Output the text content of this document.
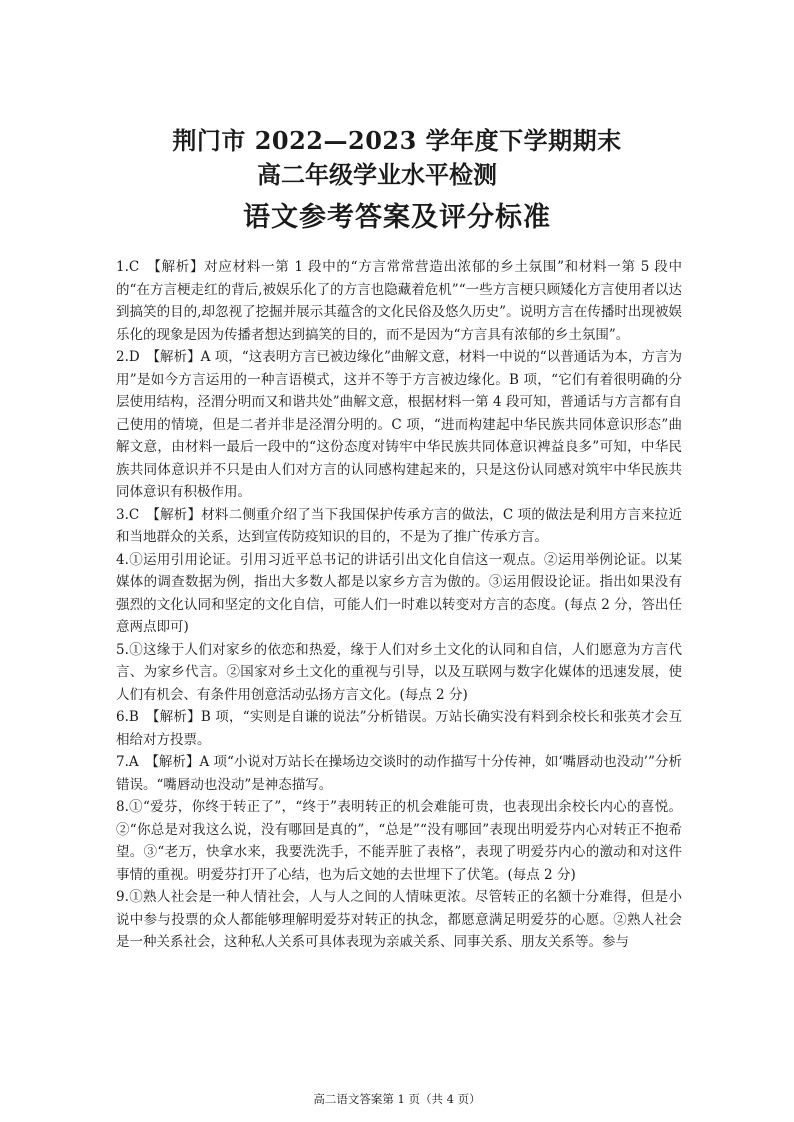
荆门市 2022—2023 学年度下学期期末
高二年级学业水平检测
语文参考答案及评分标准

1.C　【解析】对应材料一第 1 段中的“方言常常营造出浓郁的乡土氛围”和材料一第 5 段中的“在方言梗走红的背后,被娱乐化了的方言也隐藏着危机”“一些方言梗只顾矮化方言使用者以达到搞笑的目的,却忽视了挖掘并展示其蕴含的文化民俗及悠久历史”。说明方言在传播时出现被娱乐化的现象是因为传播者想达到搞笑的目的，而不是因为“方言具有浓郁的乡土氛围”。

2.D　【解析】A 项，“这表明方言已被边缘化”曲解文意，材料一中说的“以普通话为本，方言为用”是如今方言运用的一种言语模式，这并不等于方言被边缘化。B 项，“它们有着很明确的分层使用结构，泾渭分明而又和谐共处”曲解文意，根据材料一第 4 段可知，普通话与方言都有自己使用的情境，但是二者并非是泾渭分明的。C 项，“进而构建起中华民族共同体意识形态”曲解文意，由材料一最后一段中的“这份态度对铸牢中华民族共同体意识裨益良多”可知，中华民族共同体意识并不只是由人们对方言的认同感构建起来的，只是这份认同感对筑牢中华民族共同体意识有积极作用。

3.C　【解析】材料二侧重介绍了当下我国保护传承方言的做法，C 项的做法是利用方言来拉近和当地群众的关系，达到宣传防疫知识的目的，不是为了推广传承方言。

4.①运用引用论证。引用习近平总书记的讲话引出文化自信这一观点。②运用举例论证。以某媒体的调查数据为例，指出大多数人都是以家乡方言为傲的。③运用假设论证。指出如果没有强烈的文化认同和坚定的文化自信，可能人们一时难以转变对方言的态度。(每点 2 分，答出任意两点即可)

5.①这缘于人们对家乡的依恋和热爱，缘于人们对乡土文化的认同和自信，人们愿意为方言代言、为家乡代言。②国家对乡土文化的重视与引导，以及互联网与数字化媒体的迅速发展，使人们有机会、有条件用创意活动弘扬方言文化。(每点 2 分)

6.B　【解析】B 项，“实则是自谦的说法”分析错误。万站长确实没有料到余校长和张英才会互相给对方投票。

7.A　【解析】A 项“小说对万站长在操场边交谈时的动作描写十分传神，如‘嘴唇动也没动’”分析错误。“嘴唇动也没动”是神态描写。

8.①“爱芬，你终于转正了”，“终于”表明转正的机会难能可贵，也表现出余校长内心的喜悦。②“你总是对我这么说，没有哪回是真的”，“总是”“没有哪回”表现出明爱芬内心对转正不抱希望。③“老万，快拿水来，我要洗洗手，不能弄脏了表格”，表现了明爱芬内心的激动和对这件事情的重视。明爱芬打开了心结，也为后文她的去世埋下了伏笔。(每点 2 分)

9.①熟人社会是一种人情社会，人与人之间的人情味更浓。尽管转正的名额十分难得，但是小说中参与投票的众人都能够理解明爱芬对转正的执念，都愿意满足明爱芬的心愿。②熟人社会是一种关系社会，这种私人关系可具体表现为亲戚关系、同事关系、朋友关系等。参与

高二语文答案第 1 页（共 4 页）
